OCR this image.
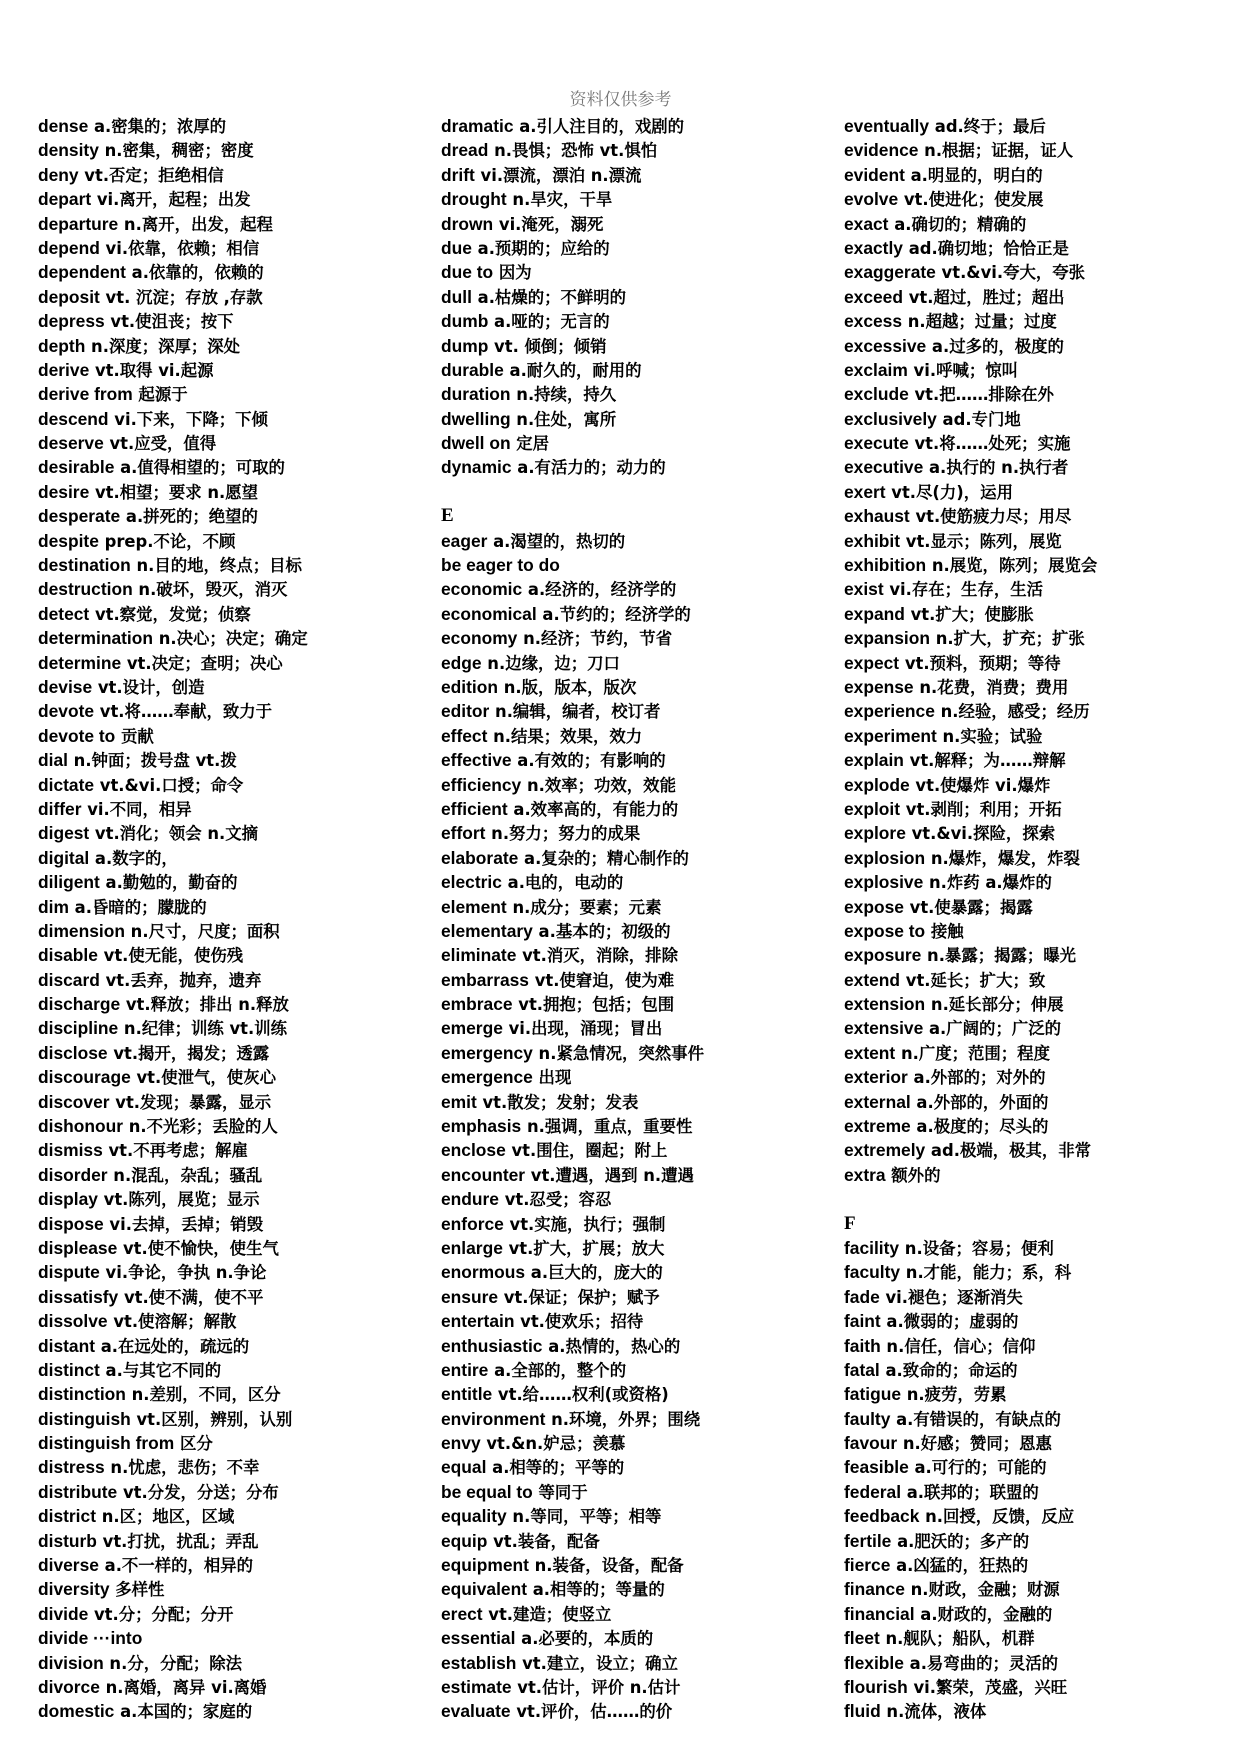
资料仅供参考
dense a.密集的；浓厚的
density n.密集，稠密；密度
deny vt.否定；拒绝相信
depart vi.离开，起程；出发
departure n.离开，出发，起程
depend vi.依靠，依赖；相信
dependent a.依靠的，依赖的
deposit vt. 沉淀；存放 ,存款
depress vt.使沮丧；按下
depth n.深度；深厚；深处
derive vt.取得 vi.起源
derive from 起源于
descend vi.下来，下降；下倾
deserve vt.应受，值得
desirable a.值得相望的；可取的
desire vt.相望；要求 n.愿望
desperate a.拼死的；绝望的
despite prep.不论，不顾
destination n.目的地，终点；目标
destruction n.破坏，毁灭，消灭
detect vt.察觉，发觉；侦察
determination n.决心；决定；确定
determine vt.决定；查明；决心
devise vt.设计，创造
devote vt.将……奉献，致力于
devote to 贡献
dial n.钟面；拨号盘 vt.拨
dictate vt.&vi.口授；命令
differ vi.不同，相异
digest vt.消化；领会 n.文摘
digital a.数字的，
diligent a.勤勉的，勤奋的
dim a.昏暗的；朦胧的
dimension n.尺寸，尺度；面积
disable vt.使无能，使伤残
discard vt.丢弃，抛弃，遗弃
discharge vt.释放；排出 n.释放
discipline n.纪律；训练 vt.训练
disclose vt.揭开，揭发；透露
discourage vt.使泄气，使灰心
discover vt.发现；暴露，显示
dishonour n.不光彩；丢脸的人
dismiss vt.不再考虑；解雇
disorder n.混乱，杂乱；骚乱
display vt.陈列，展览；显示
dispose vi.去掉，丢掉；销毁
displease vt.使不愉快，使生气
dispute vi.争论，争执 n.争论
dissatisfy vt.使不满，使不平
dissolve vt.使溶解；解散
distant a.在远处的，疏远的
distinct a.与其它不同的
distinction n.差别，不同，区分
distinguish vt.区别，辨别，认别
distinguish from 区分
distress n.忧虑，悲伤；不幸
distribute vt.分发，分送；分布
district n.区；地区，区域
disturb vt.打扰，扰乱；弄乱
diverse a.不一样的，相异的
diversity 多样性
divide vt.分；分配；分开
divide ···into
division n.分，分配；除法
divorce n.离婚，离异 vi.离婚
domestic a.本国的；家庭的
dramatic a.引人注目的，戏剧的
dread n.畏惧；恐怖 vt.惧怕
drift vi.漂流，漂泊 n.漂流
drought n.旱灾，干旱
drown vi.淹死，溺死
due a.预期的；应给的
due to 因为
dull a.枯燥的；不鲜明的
dumb a.哑的；无言的
dump vt. 倾倒；倾销
durable a.耐久的，耐用的
duration n.持续，持久
dwelling n.住处，寓所
dwell on 定居
dynamic a.有活力的；动力的
E
eager a.渴望的，热切的
be eager to do
economic a.经济的，经济学的
economical a.节约的；经济学的
economy n.经济；节约，节省
edge n.边缘，边；刀口
edition n.版，版本，版次
editor n.编辑，编者，校订者
effect n.结果；效果，效力
effective a.有效的；有影响的
efficiency n.效率；功效，效能
efficient a.效率高的，有能力的
effort n.努力；努力的成果
elaborate a.复杂的；精心制作的
electric a.电的，电动的
element n.成分；要素；元素
elementary a.基本的；初级的
eliminate vt.消灭，消除，排除
embarrass vt.使窘迫，使为难
embrace vt.拥抱；包括；包围
emerge vi.出现，涌现；冒出
emergency n.紧急情况，突然事件
emergence 出现
emit vt.散发；发射；发表
emphasis n.强调，重点，重要性
enclose vt.围住，圈起；附上
encounter vt.遭遇，遇到 n.遭遇
endure vt.忍受；容忍
enforce vt.实施，执行；强制
enlarge vt.扩大，扩展；放大
enormous a.巨大的，庞大的
ensure vt.保证；保护；赋予
entertain vt.使欢乐；招待
enthusiastic a.热情的，热心的
entire a.全部的，整个的
entitle vt.给……权利(或资格)
environment n.环境，外界；围绕
envy vt.&n.妒忌；羡慕
equal a.相等的；平等的
be equal to 等同于
equality n.等同，平等；相等
equip vt.装备，配备
equipment n.装备，设备，配备
equivalent a.相等的；等量的
erect vt.建造；使竖立
essential a.必要的，本质的
establish vt.建立，设立；确立
estimate vt.估计，评价 n.估计
evaluate vt.评价，估……的价
eventually ad.终于；最后
evidence n.根据；证据，证人
evident a.明显的，明白的
evolve vt.使进化；使发展
exact a.确切的；精确的
exactly ad.确切地；恰恰正是
exaggerate vt.&vi.夸大，夸张
exceed vt.超过，胜过；超出
excess n.超越；过量；过度
excessive a.过多的，极度的
exclaim vi.呼喊；惊叫
exclude vt.把……排除在外
exclusively ad.专门地
execute vt.将……处死；实施
executive a.执行的 n.执行者
exert vt.尽(力)，运用
exhaust vt.使筋疲力尽；用尽
exhibit vt.显示；陈列，展览
exhibition n.展览，陈列；展览会
exist vi.存在；生存，生活
expand vt.扩大；使膨胀
expansion n.扩大，扩充；扩张
expect vt.预料，预期；等待
expense n.花费，消费；费用
experience n.经验，感受；经历
experiment n.实验；试验
explain vt.解释；为……辩解
explode vt.使爆炸 vi.爆炸
exploit vt.剥削；利用；开拓
explore vt.&vi.探险，探索
explosion n.爆炸，爆发，炸裂
explosive n.炸药 a.爆炸的
expose vt.使暴露；揭露
expose to 接触
exposure n.暴露；揭露；曝光
extend vt.延长；扩大；致
extension n.延长部分；伸展
extensive a.广阔的；广泛的
extent n.广度；范围；程度
exterior a.外部的；对外的
external a.外部的，外面的
extreme a.极度的；尽头的
extremely ad.极端，极其，非常
extra 额外的
F
facility n.设备；容易；便利
faculty n.才能，能力；系，科
fade vi.褪色；逐渐消失
faint a.微弱的；虚弱的
faith n.信任，信心；信仰
fatal a.致命的；命运的
fatigue n.疲劳，劳累
faulty a.有错误的，有缺点的
favour n.好感；赞同；恩惠
feasible a.可行的；可能的
federal a.联邦的；联盟的
feedback n.回授，反馈，反应
fertile a.肥沃的；多产的
fierce a.凶猛的，狂热的
finance n.财政，金融；财源
financial a.财政的，金融的
fleet n.舰队；船队，机群
flexible a.易弯曲的；灵活的
flourish vi.繁荣，茂盛，兴旺
fluid n.流体，液体
